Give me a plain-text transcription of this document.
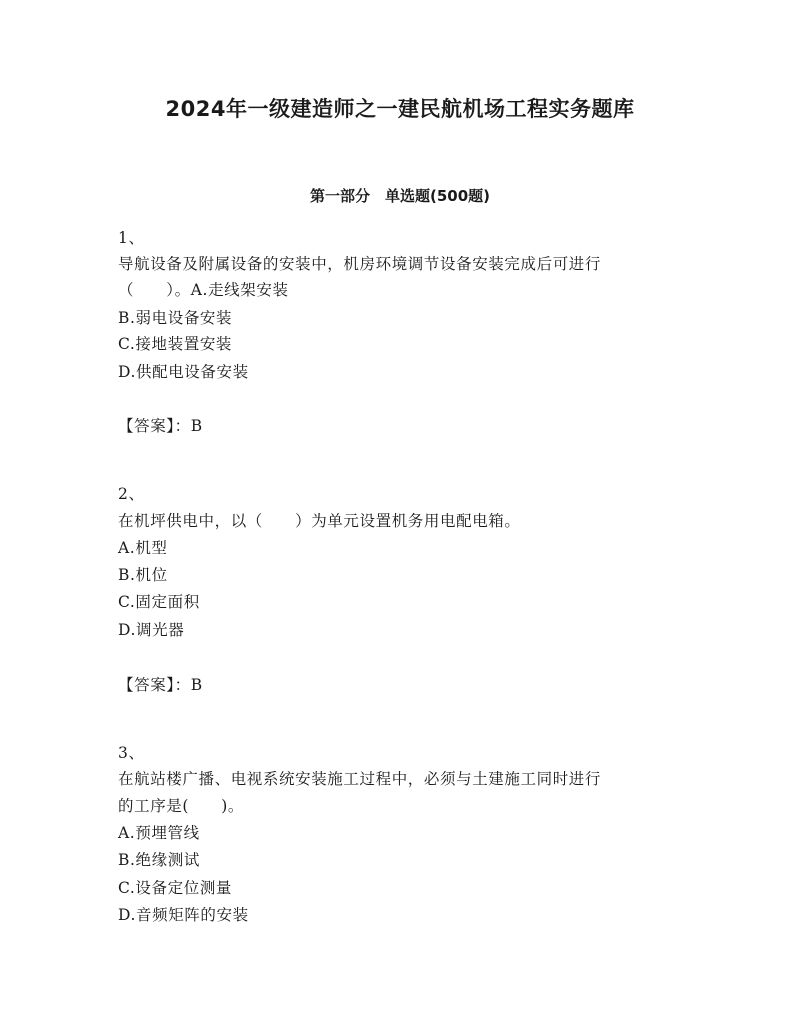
2024年一级建造师之一建民航机场工程实务题库
第一部分　单选题(500题)
1、
导航设备及附属设备的安装中，机房环境调节设备安装完成后可进行
（　　）。A.走线架安装
B.弱电设备安装
C.接地装置安装
D.供配电设备安装
【答案】：B
2、
在机坪供电中，以（　　）为单元设置机务用电配电箱。
A.机型
B.机位
C.固定面积
D.调光器
【答案】：B
3、
在航站楼广播、电视系统安装施工过程中，必须与土建施工同时进行
的工序是(　　)。
A.预埋管线
B.绝缘测试
C.设备定位测量
D.音频矩阵的安装
